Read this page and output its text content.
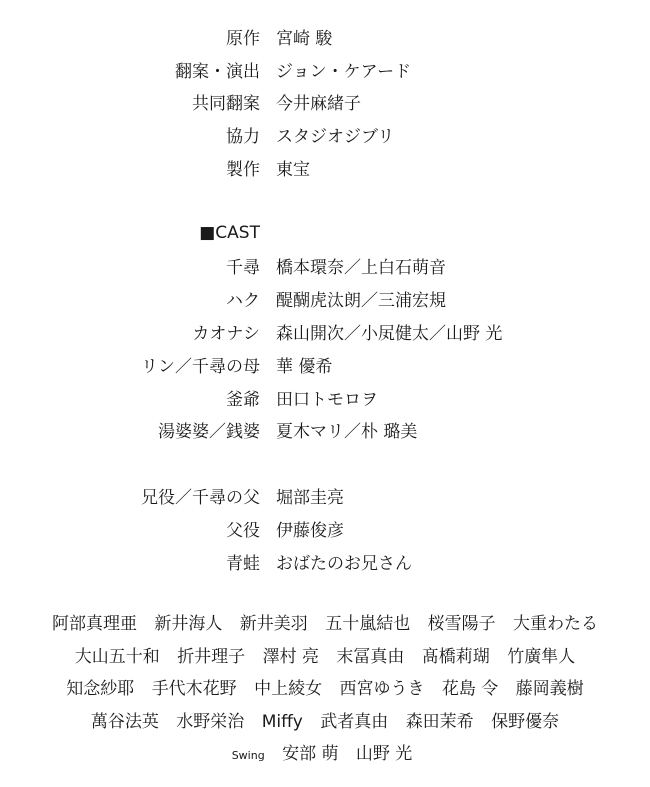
原作 宮崎 駿
翻案・演出 ジョン・ケアード
共同翻案 今井麻緒子
協力 スタジオジブリ
製作 東宝
■CAST
千尋 橋本環奈／上白石萌音
ハク 醍醐虎汰朗／三浦宏規
カオナシ 森山開次／小㞍健太／山野 光
リン／千尋の母 華 優希
釜爺 田口トモロヲ
湯婆婆／銭婆 夏木マリ／朴 璐美
兄役／千尋の父 堀部圭亮
父役 伊藤俊彦
青蛙 おばたのお兄さん
阿部真理亜 新井海人 新井美羽 五十嵐結也 桜雪陽子 大重わたる
大山五十和 折井理子 澤村 亮 末冨真由 髙橋莉瑚 竹廣隼人
知念紗耶 手代木花野 中上綾女 西宮ゆうき 花島 令 藤岡義樹
萬谷法英 水野栄治 Miffy 武者真由 森田茉希 保野優奈
Swing 安部 萌 山野 光
